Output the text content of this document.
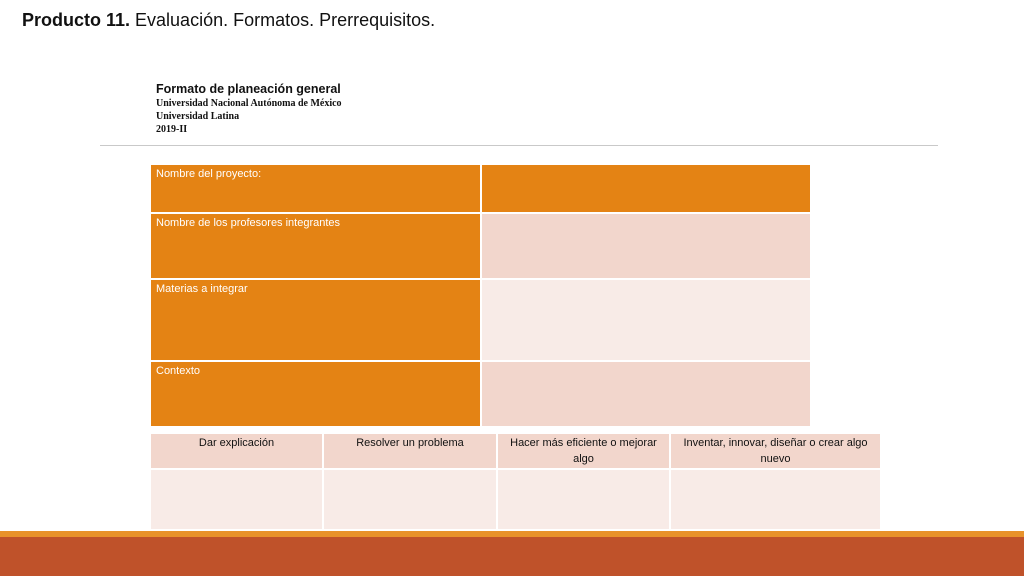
Producto 11. Evaluación. Formatos. Prerrequisitos.
Formato de planeación general
Universidad Nacional Autónoma de México
Universidad Latina
2019-II
Nombre del proyecto:	
Nombre de los profesores integrantes	
Materias a integrar	
Contexto	
Dar explicación	Resolver un problema	Hacer más eficiente o mejorar algo	Inventar, innovar, diseñar o crear algo nuevo
